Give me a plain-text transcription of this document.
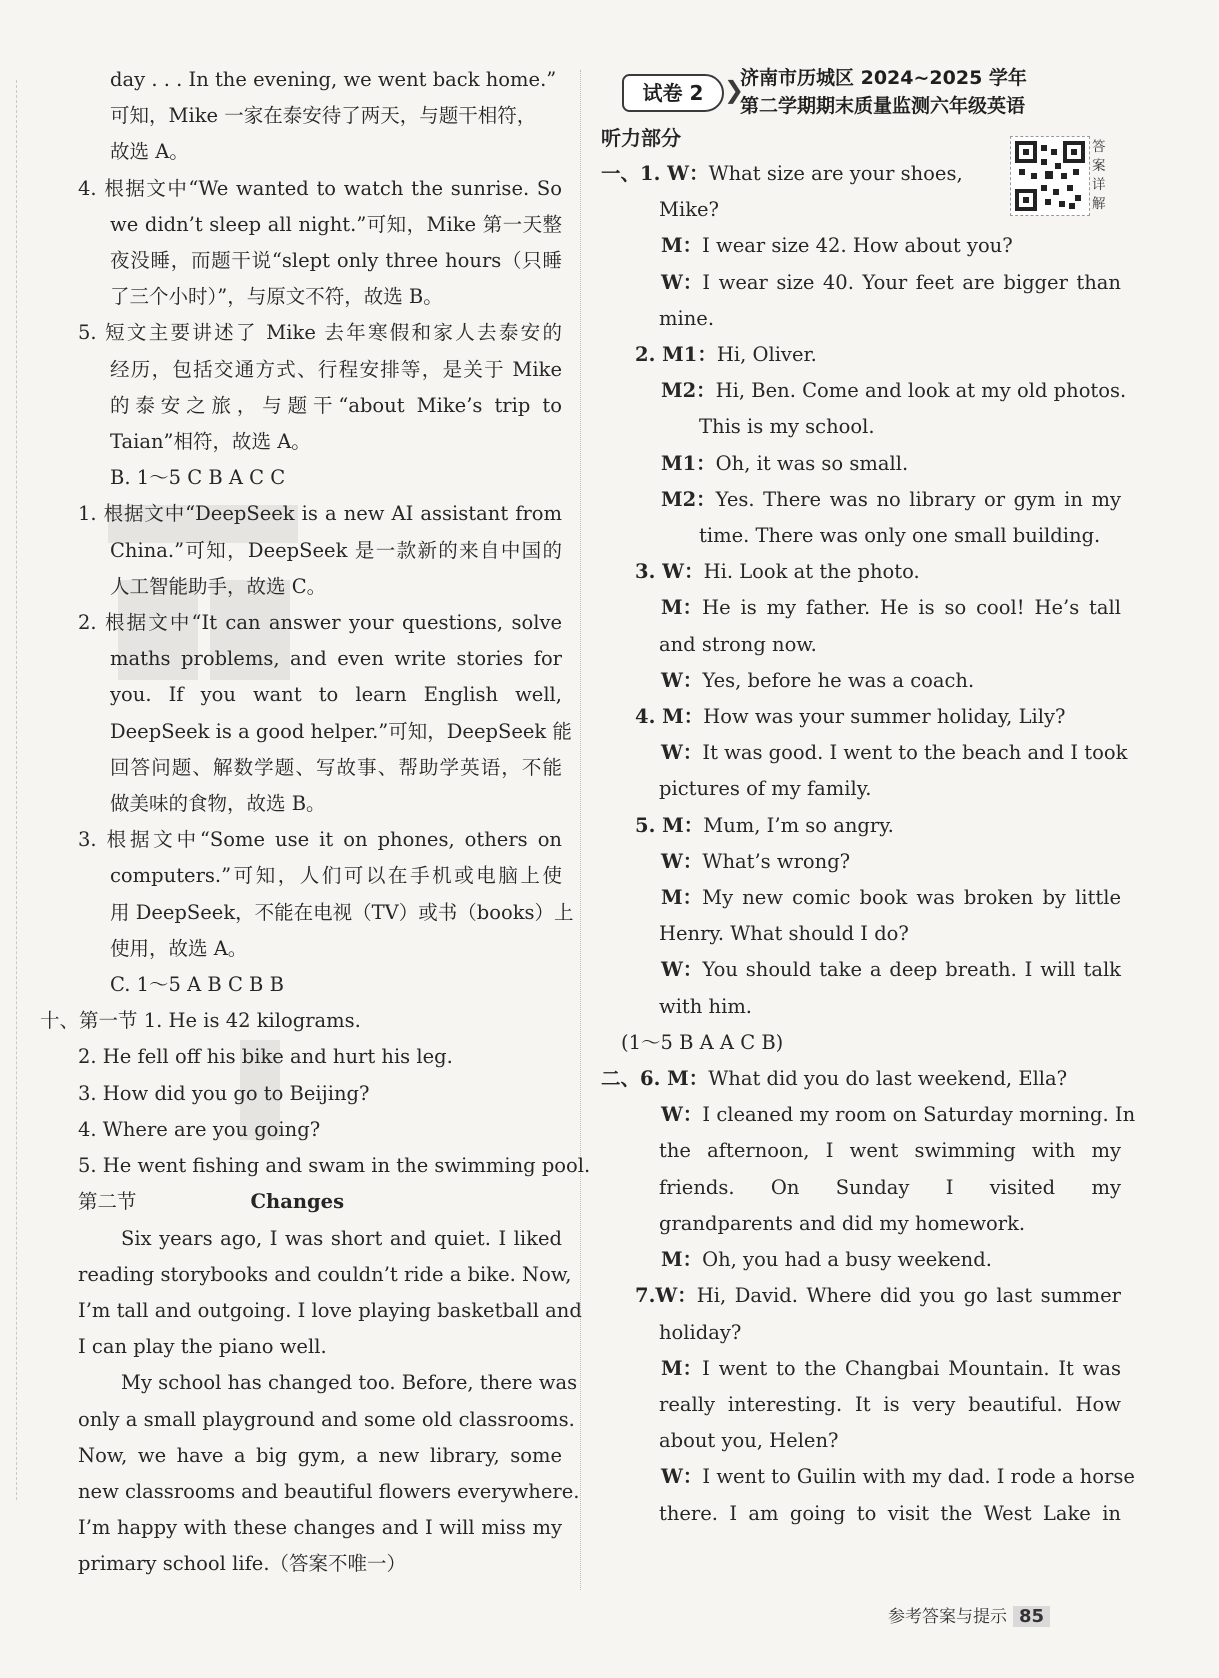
day . . . In the evening, we went back home.”
可知，Mike 一家在泰安待了两天，与题干相符，
故选 A。
4. 根据文中“We wanted to watch the sunrise. So
we didn’t sleep all night.”可知，Mike 第一天整
夜没睡，而题干说“slept only three hours（只睡
了三个小时）”，与原文不符，故选 B。
5. 短文主要讲述了 Mike 去年寒假和家人去泰安的
经历，包括交通方式、行程安排等，是关于 Mike
的泰安之旅，与题干“about Mike’s trip to
Taian”相符，故选 A。
B. 1～5 C B A C C
1. 根据文中“DeepSeek is a new AI assistant from
China.”可知，DeepSeek 是一款新的来自中国的
人工智能助手，故选 C。
2. 根据文中“It can answer your questions, solve
maths problems, and even write stories for
you. If you want to learn English well,
DeepSeek is a good helper.”可知，DeepSeek 能
回答问题、解数学题、写故事、帮助学英语，不能
做美味的食物，故选 B。
3. 根据文中“Some use it on phones, others on
computers.”可知，人们可以在手机或电脑上使
用 DeepSeek，不能在电视（TV）或书（books）上
使用，故选 A。
C. 1～5 A B C B B
十、第一节 1. He is 42 kilograms.
2. He fell off his bike and hurt his leg.
3. How did you go to Beijing?
4. Where are you going?
5. He went fishing and swam in the swimming pool.
第二节	Changes
Six years ago, I was short and quiet. I liked
reading storybooks and couldn’t ride a bike. Now,
I’m tall and outgoing. I love playing basketball and
I can play the piano well.
My school has changed too. Before, there was
only a small playground and some old classrooms.
Now, we have a big gym, a new library, some
new classrooms and beautiful flowers everywhere.
I’m happy with these changes and I will miss my
primary school life.（答案不唯一）
试卷 2 ❯
济南市历城区 2024~2025 学年
第二学期期末质量监测六年级英语
答案详解
听力部分
一、1. W：What size are your shoes,
Mike?
M：I wear size 42. How about you?
W ： I wear size 40. Your feet are bigger than
mine.
2. M1：Hi, Oliver.
M2 ： Hi, Ben. Come and look at my old photos.
This is my school.
M1：Oh, it was so small.
M2 ： Yes. There was no library or gym in my
time. There was only one small building.
3. W：Hi. Look at the photo.
M ： He is my father. He is so cool! He’s tall
and strong now.
W：Yes, before he was a coach.
4. M：How was your summer holiday, Lily?
W ： It was good. I went to the beach and I took
pictures of my family.
5. M：Mum, I’m so angry.
W：What’s wrong?
M ： My new comic book was broken by little
Henry. What should I do?
W ： You should take a deep breath. I will talk
with him.
(1～5 B A A C B)
二、6. M：What did you do last weekend, Ella?
W ： I cleaned my room on Saturday morning. In
the afternoon, I went swimming with my
friends. On Sunday I visited my
grandparents and did my homework.
M：Oh, you had a busy weekend.
7. W ： Hi, David. Where did you go last summer
holiday?
M ： I went to the Changbai Mountain. It was
really interesting. It is very beautiful. How
about you, Helen?
W ： I went to Guilin with my dad. I rode a horse
there. I am going to visit the West Lake in
参考答案与提示 85
